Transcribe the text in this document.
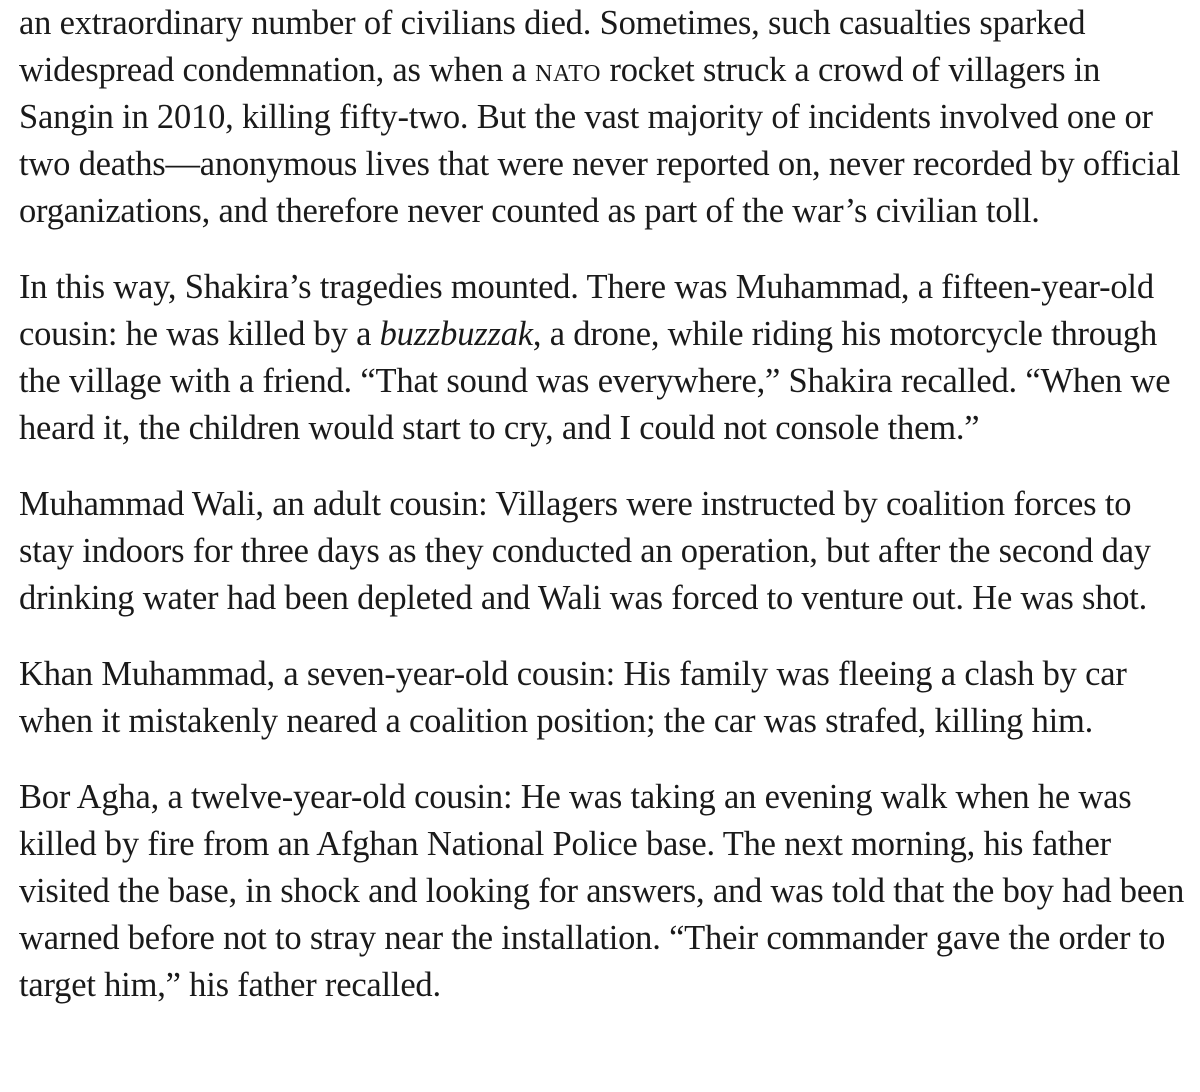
an extraordinary number of civilians died. Sometimes, such casualties sparked widespread condemnation, as when a nato rocket struck a crowd of villagers in Sangin in 2010, killing fifty-two. But the vast majority of incidents involved one or two deaths—anonymous lives that were never reported on, never recorded by official organizations, and therefore never counted as part of the war’s civilian toll.

In this way, Shakira’s tragedies mounted. There was Muhammad, a fifteen-year-old cousin: he was killed by a buzzbuzzak, a drone, while riding his motorcycle through the village with a friend. “That sound was everywhere,” Shakira recalled. “When we heard it, the children would start to cry, and I could not console them.”

Muhammad Wali, an adult cousin: Villagers were instructed by coalition forces to stay indoors for three days as they conducted an operation, but after the second day drinking water had been depleted and Wali was forced to venture out. He was shot.

Khan Muhammad, a seven-year-old cousin: His family was fleeing a clash by car when it mistakenly neared a coalition position; the car was strafed, killing him.

Bor Agha, a twelve-year-old cousin: He was taking an evening walk when he was killed by fire from an Afghan National Police base. The next morning, his father visited the base, in shock and looking for answers, and was told that the boy had been warned before not to stray near the installation. “Their commander gave the order to target him,” his father recalled.
